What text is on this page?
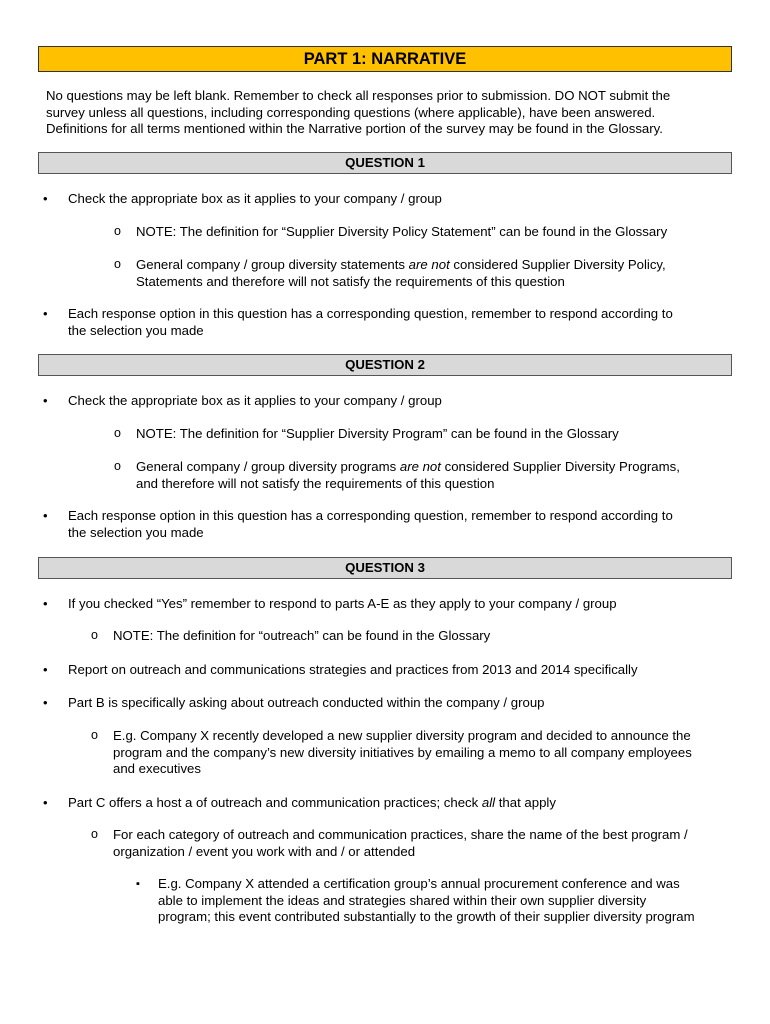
PART 1: NARRATIVE

No questions may be left blank. Remember to check all responses prior to submission. DO NOT submit the
survey unless all questions, including corresponding questions (where applicable), have been answered.
Definitions for all terms mentioned within the Narrative portion of the survey may be found in the Glossary.

QUESTION 1
• Check the appropriate box as it applies to your company / group
o NOTE: The definition for “Supplier Diversity Policy Statement” can be found in the Glossary
o General company / group diversity statements are not considered Supplier Diversity Policy,
Statements and therefore will not satisfy the requirements of this question
• Each response option in this question has a corresponding question, remember to respond according to
the selection you made
QUESTION 2
• Check the appropriate box as it applies to your company / group
o NOTE: The definition for “Supplier Diversity Program” can be found in the Glossary
o General company / group diversity programs are not considered Supplier Diversity Programs,
and therefore will not satisfy the requirements of this question
• Each response option in this question has a corresponding question, remember to respond according to
the selection you made
QUESTION 3
• If you checked “Yes” remember to respond to parts A-E as they apply to your company / group
o NOTE: The definition for “outreach” can be found in the Glossary
• Report on outreach and communications strategies and practices from 2013 and 2014 specifically
• Part B is specifically asking about outreach conducted within the company / group
o E.g. Company X recently developed a new supplier diversity program and decided to announce the
program and the company’s new diversity initiatives by emailing a memo to all company employees
and executives
• Part C offers a host a of outreach and communication practices; check all that apply
o For each category of outreach and communication practices, share the name of the best program /
organization / event you work with and / or attended
▪ E.g. Company X attended a certification group’s annual procurement conference and was
able to implement the ideas and strategies shared within their own supplier diversity
program; this event contributed substantially to the growth of their supplier diversity program
